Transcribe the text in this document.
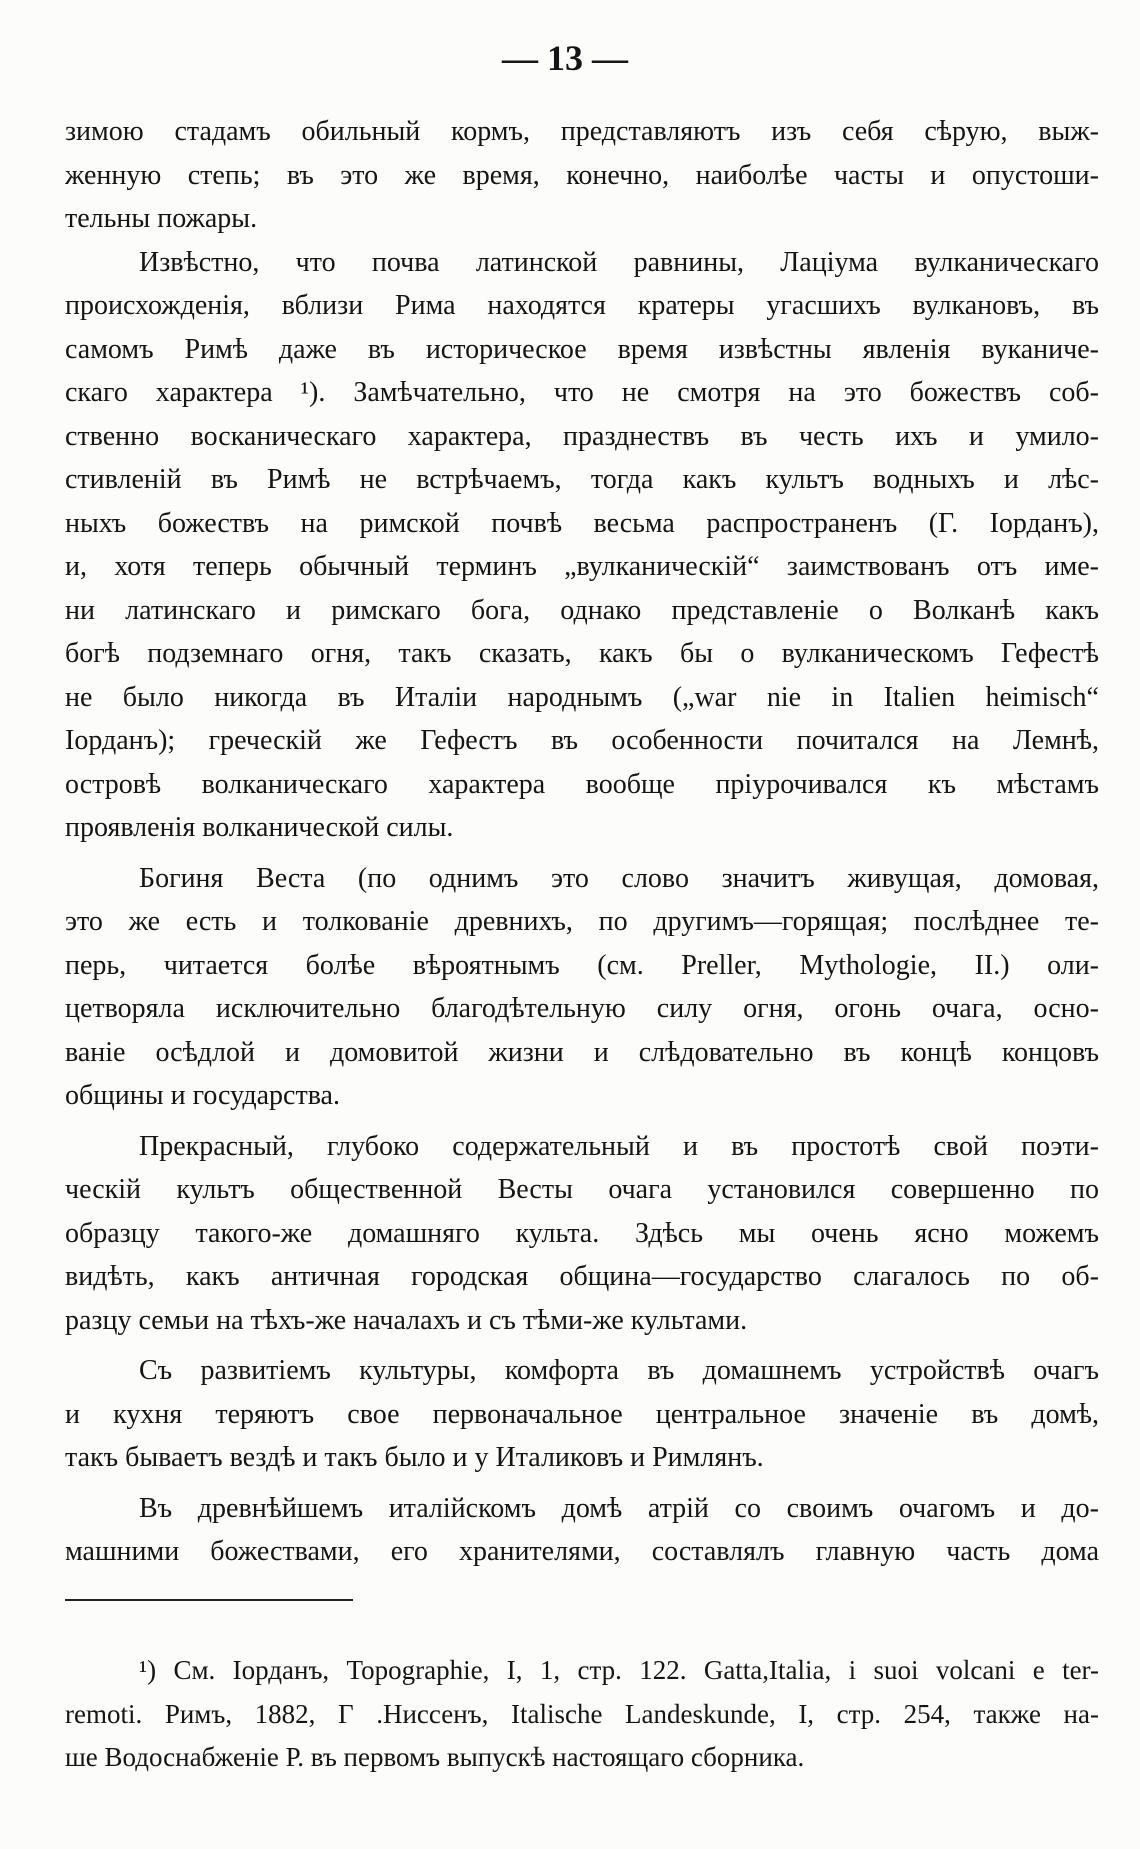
— 13 —
зимою стадамъ обильный кормъ, представляютъ изъ себя сѣрую, выж-
женную степь; въ это же время, конечно, наиболѣе часты и опустоши-
тельны пожары.
Извѣстно, что почва латинской равнины, Лаціума вулканическаго
происхожденія, вблизи Рима находятся кратеры угасшихъ вулкановъ, въ
самомъ Римѣ даже въ историческое время извѣстны явленія вуканиче-
скаго характера ¹). Замѣчательно, что не смотря на это божествъ соб-
ственно восканическаго характера, празднествъ въ честь ихъ и умило-
стивленій въ Римѣ не встрѣчаемъ, тогда какъ культъ водныхъ и лѣс-
ныхъ божествъ на римской почвѣ весьма распространенъ (Г. Іорданъ),
и, хотя теперь обычный терминъ „вулканическій“ заимствованъ отъ име-
ни латинскаго и римскаго бога, однако представленіе о Волканѣ какъ
богѣ подземнаго огня, такъ сказать, какъ бы о вулканическомъ Гефестѣ
не было никогда въ Италіи народнымъ („war nie in Italien heimisch“
Іорданъ); греческій же Гефестъ въ особенности почитался на Лемнѣ,
островѣ волканическаго характера вообще пріурочивался къ мѣстамъ
проявленія волканической силы.
Богиня Веста (по однимъ это слово значитъ живущая, домовая,
это же есть и толкованіе древнихъ, по другимъ—горящая; послѣднее те-
перь, читается болѣе вѣроятнымъ (см. Preller, Mythologie, II.) оли-
цетворяла исключительно благодѣтельную силу огня, огонь очага, осно-
ваніе осѣдлой и домовитой жизни и слѣдовательно въ концѣ концовъ
общины и государства.
Прекрасный, глубоко содержательный и въ простотѣ свой поэти-
ческій культъ общественной Весты очага установился совершенно по
образцу такого-же домашняго культа. Здѣсь мы очень ясно можемъ
видѣть, какъ античная городская община—государство слагалось по об-
разцу семьи на тѣхъ-же началахъ и съ тѣми-же культами.
Съ развитіемъ культуры, комфорта въ домашнемъ устройствѣ очагъ
и кухня теряютъ свое первоначальное центральное значеніе въ домѣ,
такъ бываетъ вездѣ и такъ было и у Италиковъ и Римлянъ.
Въ древнѣйшемъ италійскомъ домѣ атрій со своимъ очагомъ и до-
машними божествами, его хранителями, составлялъ главную часть дома
¹) См. Іорданъ, Topographie, I, 1, стр. 122. Gatta,Italia, i suoi volcani e ter-
remoti. Римъ, 1882, Г .Ниссенъ, Italische Landeskunde, I, стр. 254, также на-
ше Водоснабженіе Р. въ первомъ выпускѣ настоящаго сборника.
